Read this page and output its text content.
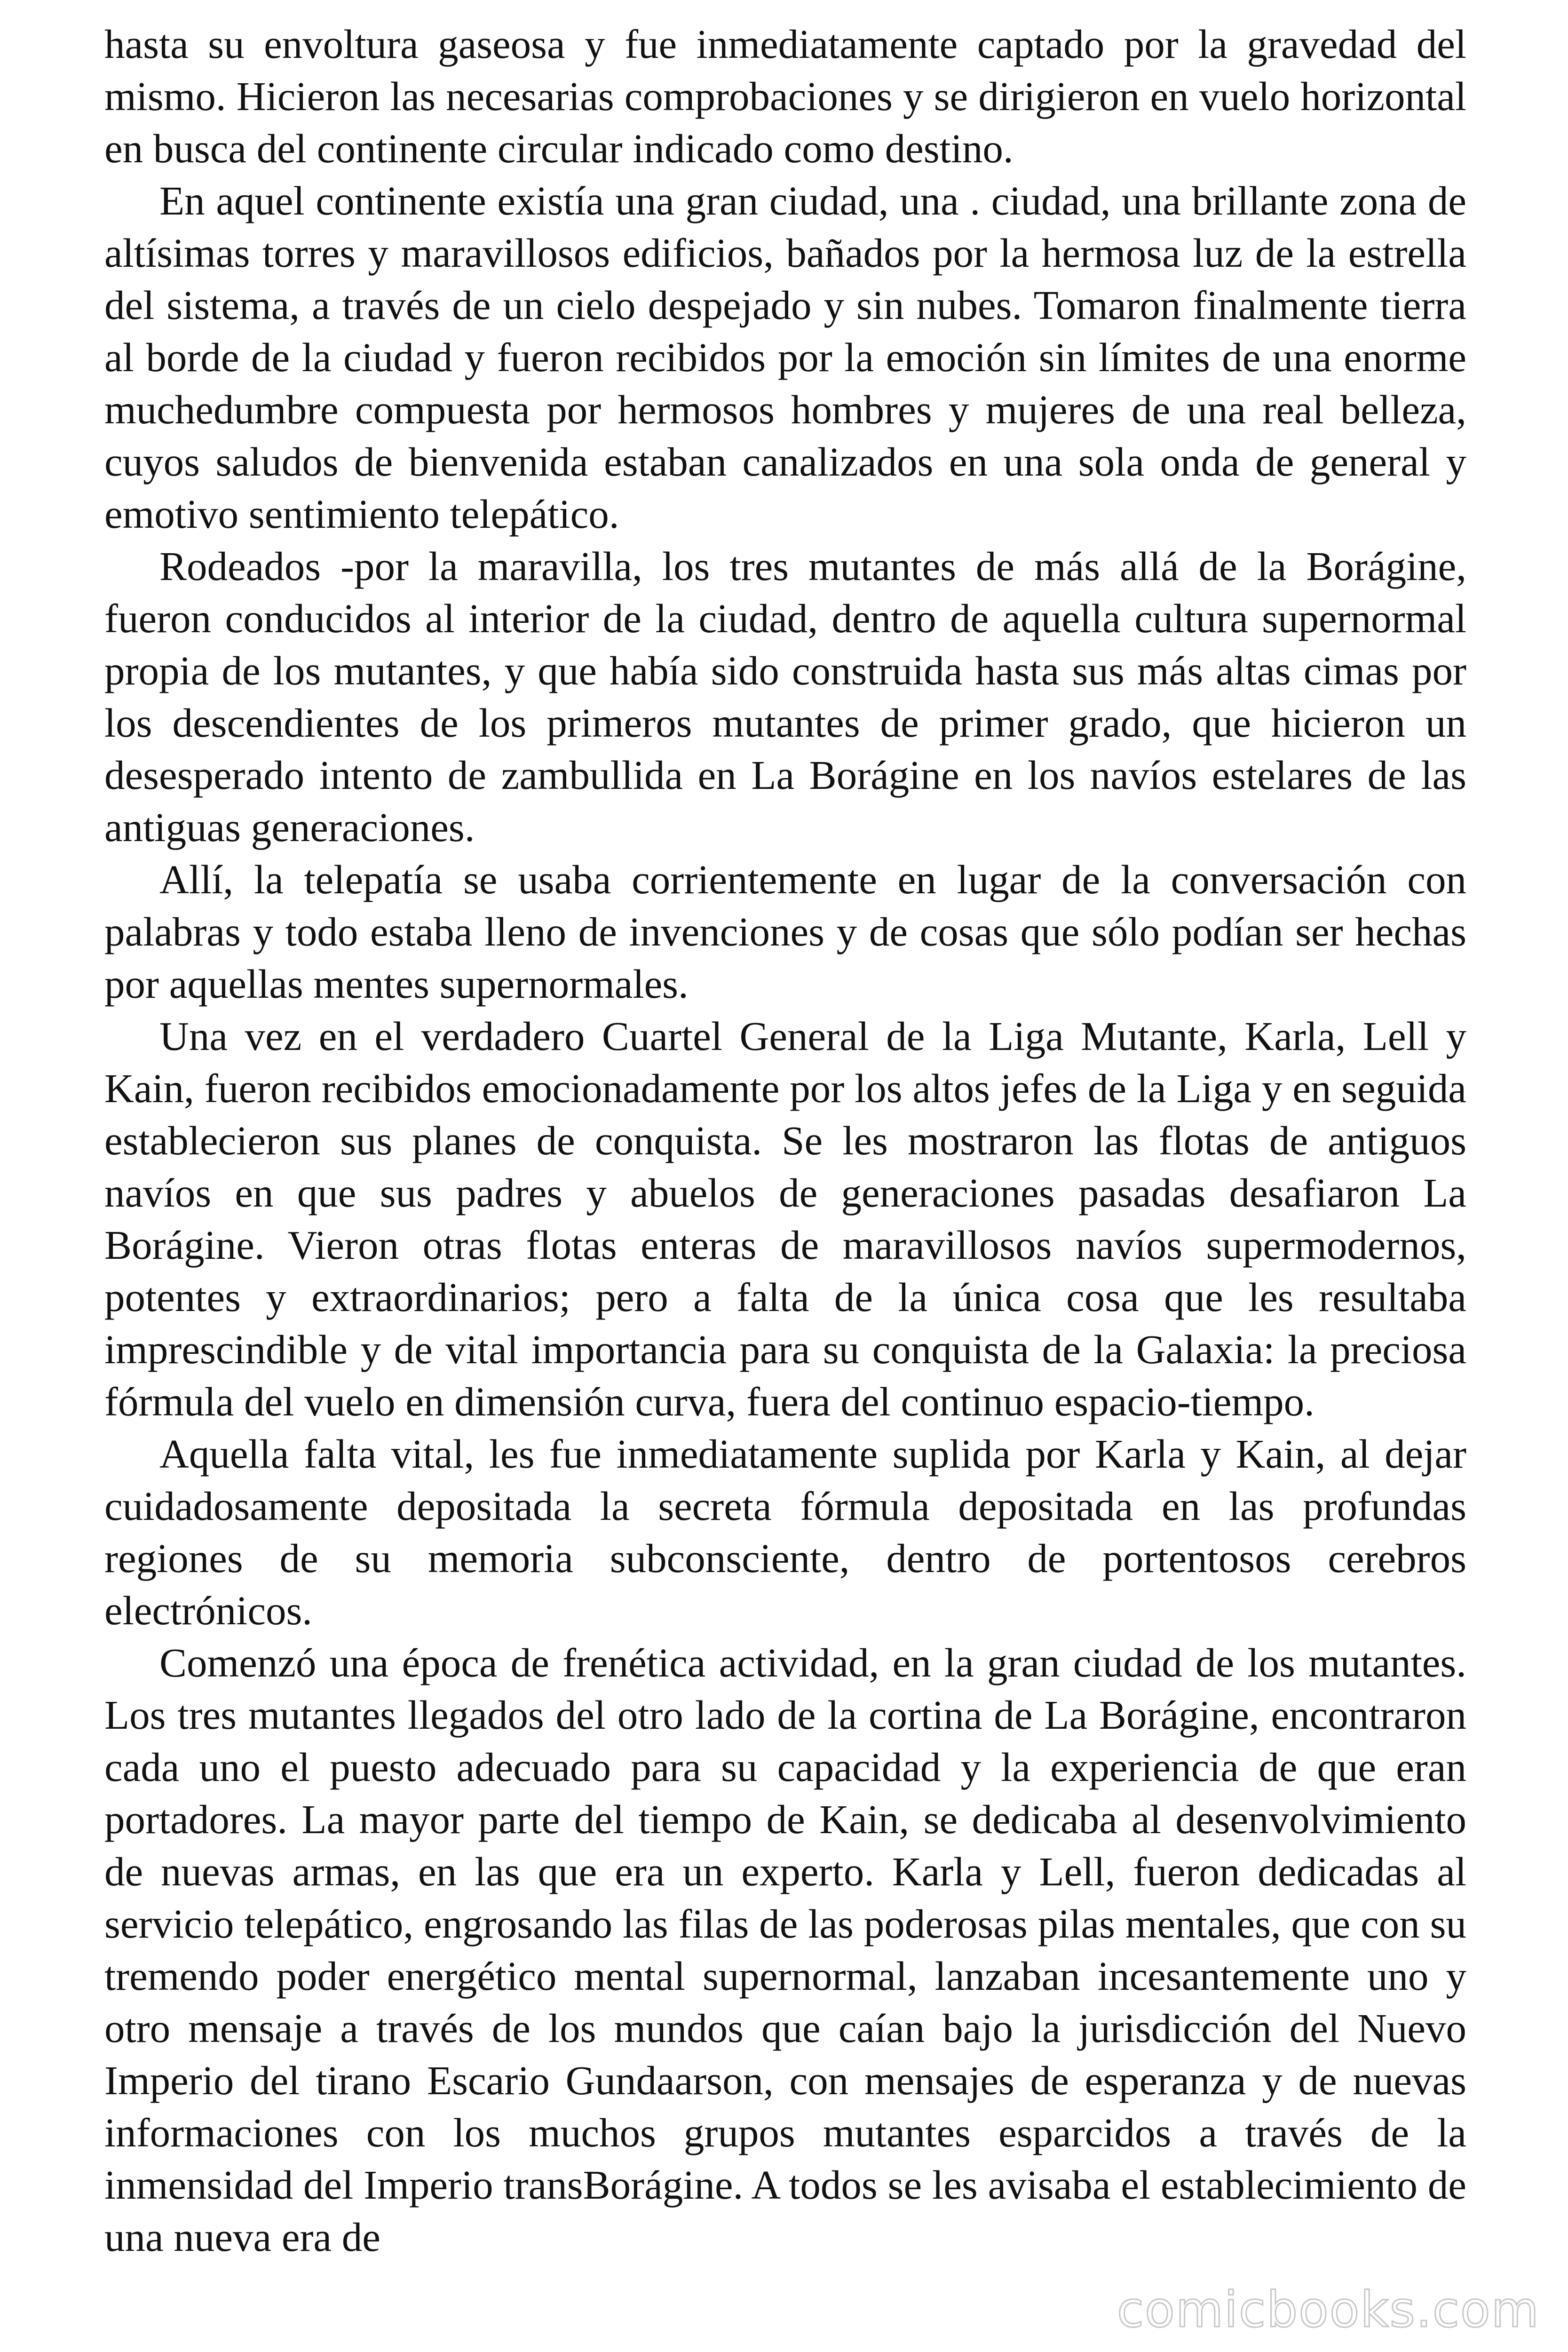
hasta su envoltura gaseosa y fue inmediatamente captado por la gravedad del mismo. Hicieron las necesarias comprobaciones y se dirigieron en vuelo horizontal en busca del continente circular indicado como destino.

En aquel continente existía una gran ciudad, una . ciudad, una brillante zona de altísimas torres y maravillosos edificios, bañados por la hermosa luz de la estrella del sistema, a través de un cielo despejado y sin nubes. Tomaron finalmente tierra al borde de la ciudad y fueron recibidos por la emoción sin límites de una enorme muchedumbre compuesta por hermosos hombres y mujeres de una real belleza, cuyos saludos de bienvenida estaban canalizados en una sola onda de general y emotivo sentimiento telepático.

Rodeados -por la maravilla, los tres mutantes de más allá de la Borágine, fueron conducidos al interior de la ciudad, dentro de aquella cultura supernormal propia de los mutantes, y que había sido construida hasta sus más altas cimas por los descendientes de los primeros mutantes de primer grado, que hicieron un desesperado intento de zambullida en La Borágine en los navíos estelares de las antiguas generaciones.

Allí, la telepatía se usaba corrientemente en lugar de la conversación con palabras y todo estaba lleno de invenciones y de cosas que sólo podían ser hechas por aquellas mentes supernormales.

Una vez en el verdadero Cuartel General de la Liga Mutante, Karla, Lell y Kain, fueron recibidos emocionadamente por los altos jefes de la Liga y en seguida establecieron sus planes de conquista. Se les mostraron las flotas de antiguos navíos en que sus padres y abuelos de generaciones pasadas desafiaron La Borágine. Vieron otras flotas enteras de maravillosos navíos supermodernos, potentes y extraordinarios; pero a falta de la única cosa que les resultaba imprescindible y de vital importancia para su conquista de la Galaxia: la preciosa fórmula del vuelo en dimensión curva, fuera del continuo espacio-tiempo.

Aquella falta vital, les fue inmediatamente suplida por Karla y Kain, al dejar cuidadosamente depositada la secreta fórmula depositada en las profundas regiones de su memoria subconsciente, dentro de portentosos cerebros electrónicos.

Comenzó una época de frenética actividad, en la gran ciudad de los mutantes. Los tres mutantes llegados del otro lado de la cortina de La Borágine, encontraron cada uno el puesto adecuado para su capacidad y la experiencia de que eran portadores. La mayor parte del tiempo de Kain, se dedicaba al desenvolvimiento de nuevas armas, en las que era un experto. Karla y Lell, fueron dedicadas al servicio telepático, engrosando las filas de las poderosas pilas mentales, que con su tremendo poder energético mental supernormal, lanzaban incesantemente uno y otro mensaje a través de los mundos que caían bajo la jurisdicción del Nuevo Imperio del tirano Escario Gundaarson, con mensajes de esperanza y de nuevas informaciones con los muchos grupos mutantes esparcidos a través de la inmensidad del Imperio transBorágine. A todos se les avisaba el establecimiento de una nueva era de

comicbooks.com
